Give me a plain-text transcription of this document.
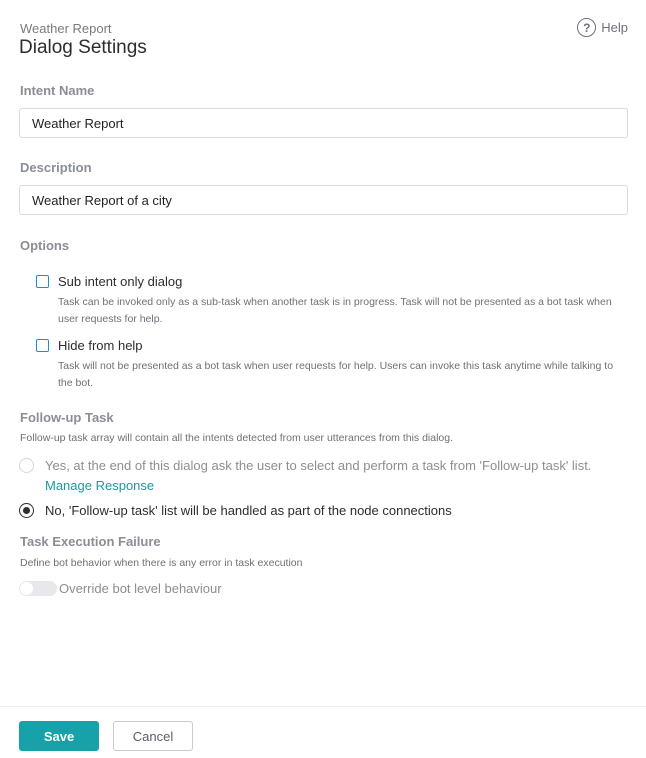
Weather Report
Dialog Settings
? Help
Intent Name
Weather Report
Description
Weather Report of a city
Options
Sub intent only dialog
Task can be invoked only as a sub-task when another task is in progress. Task will not be presented as a bot task when user requests for help.
Hide from help
Task will not be presented as a bot task when user requests for help. Users can invoke this task anytime while talking to the bot.
Follow-up Task
Follow-up task array will contain all the intents detected from user utterances from this dialog.
Yes, at the end of this dialog ask the user to select and perform a task from 'Follow-up task' list.
Manage Response
No, 'Follow-up task' list will be handled as part of the node connections
Task Execution Failure
Define bot behavior when there is any error in task execution
Override bot level behaviour
Save	Cancel
